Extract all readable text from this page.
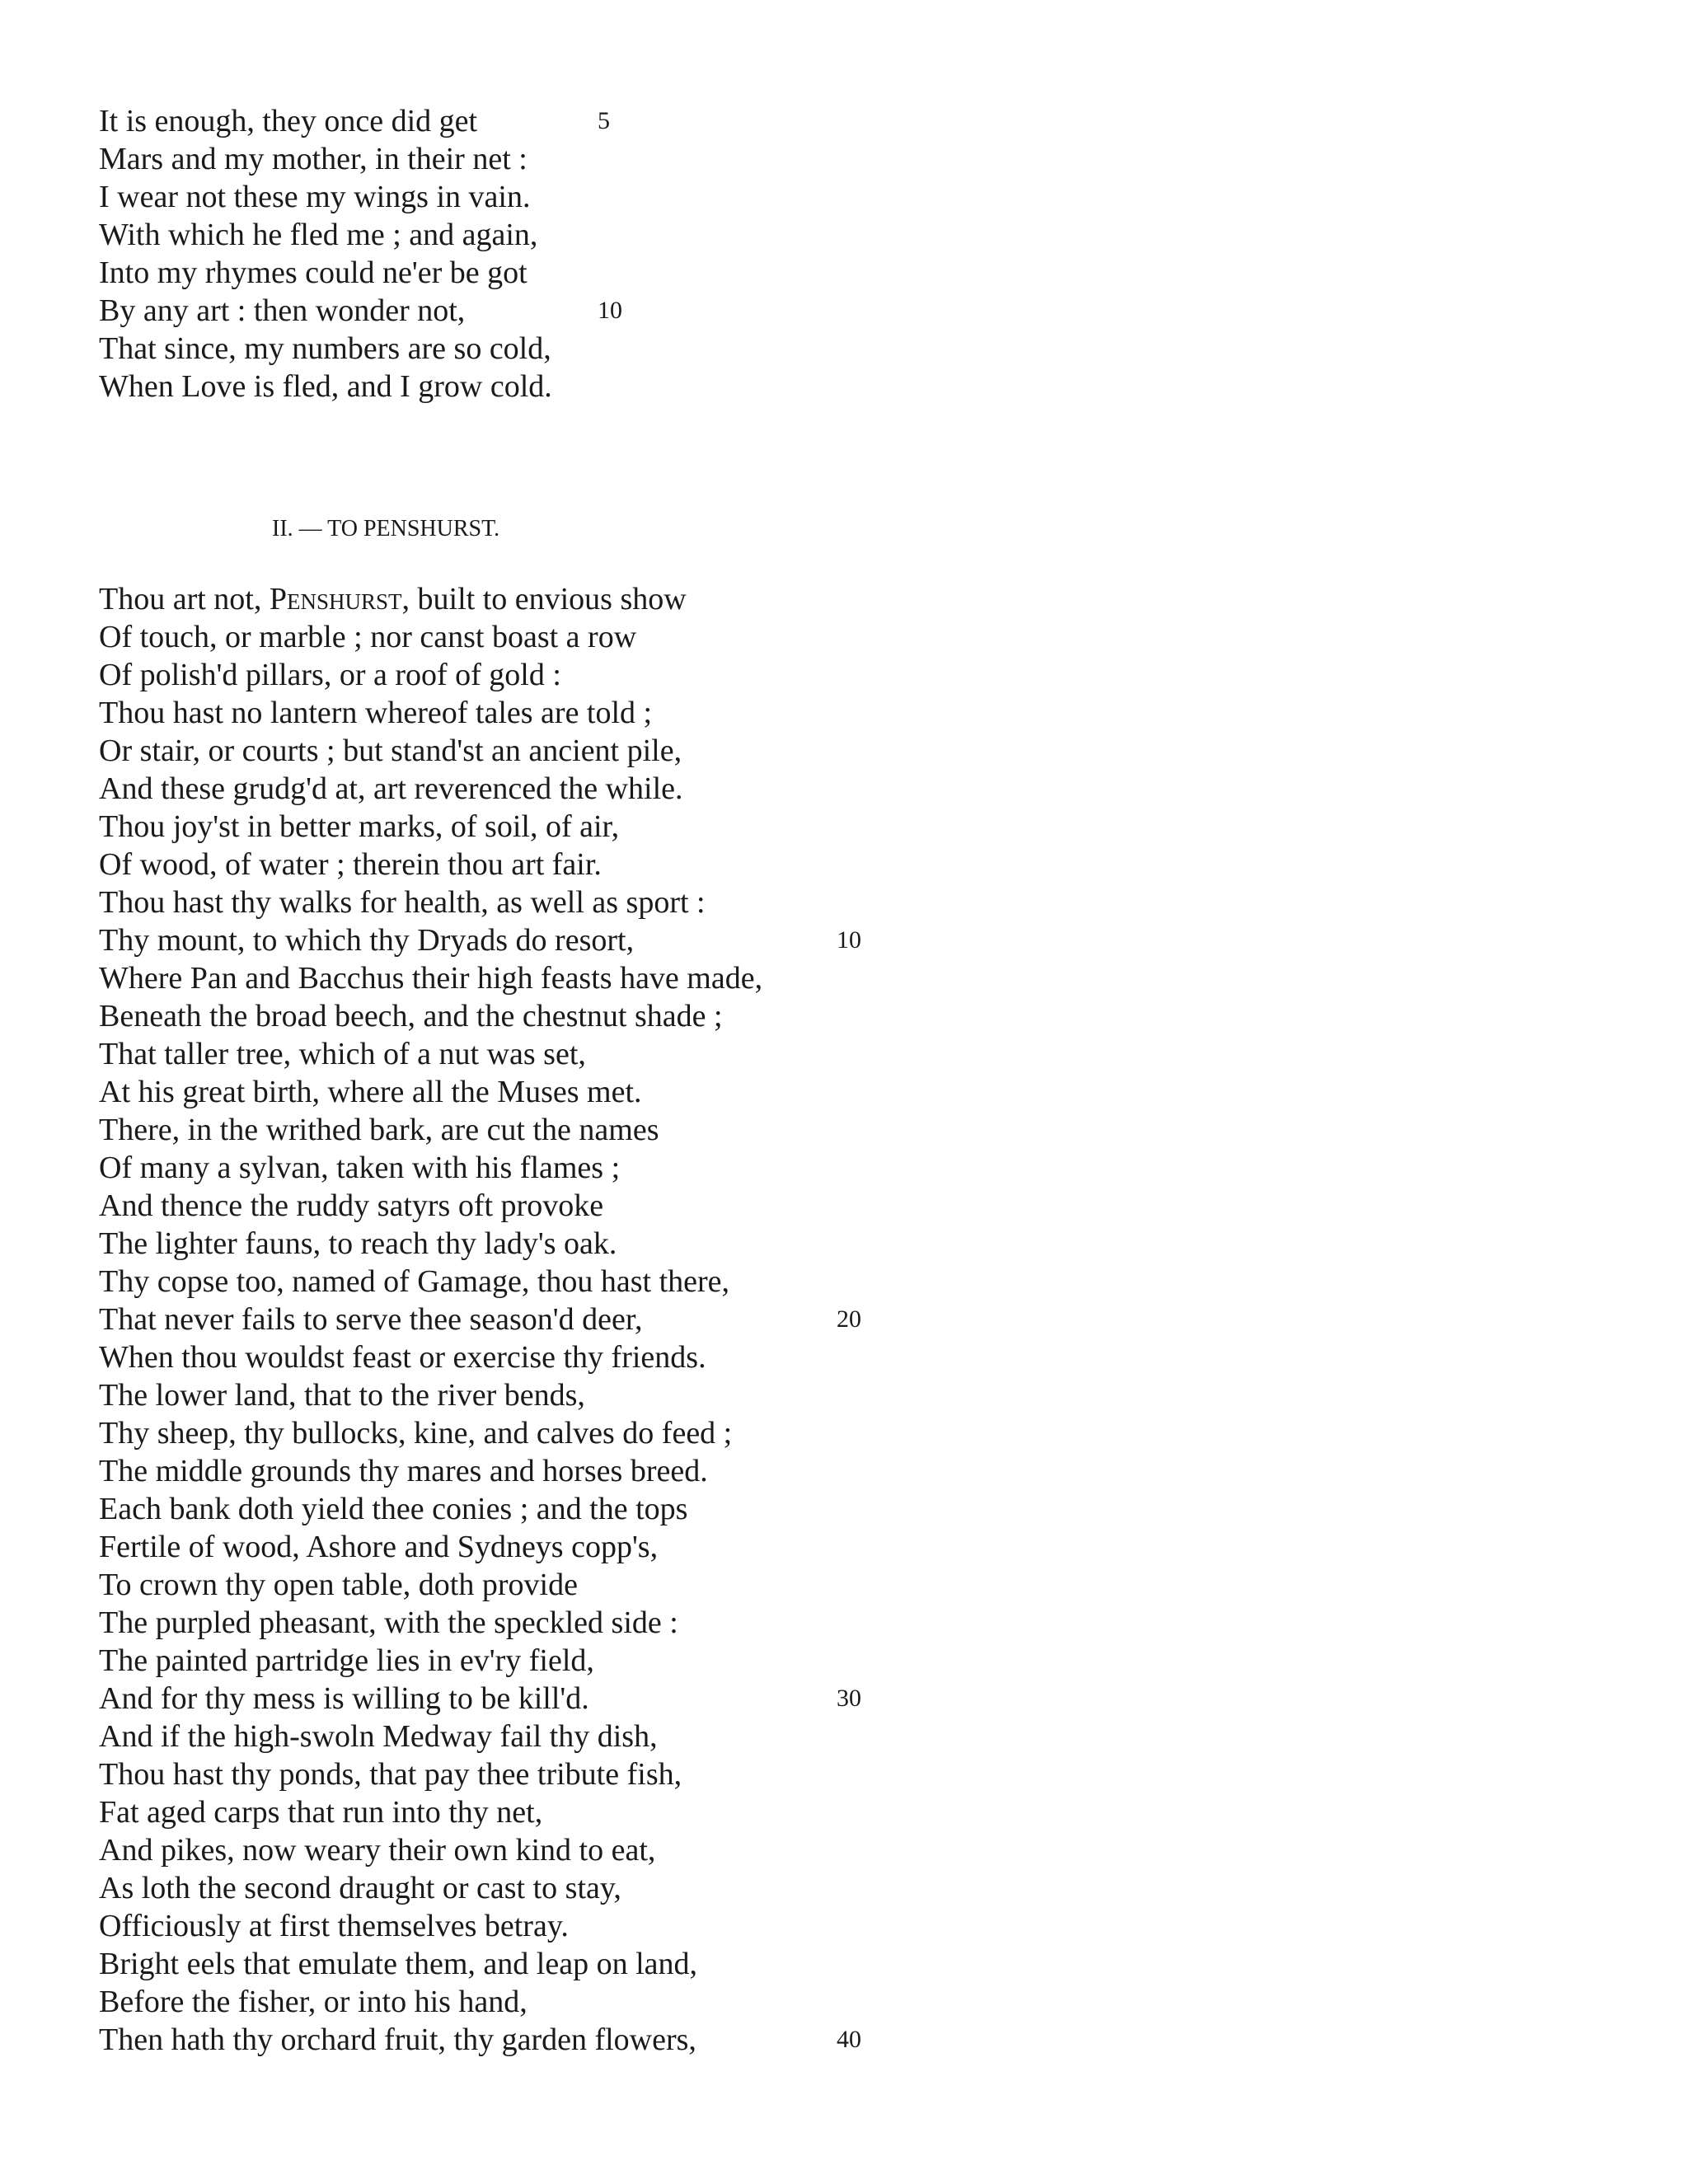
It is enough, they once did get
Mars and my mother, in their net :
I wear not these my wings in vain.
With which he fled me ; and again,
Into my rhymes could ne'er be got
By any art : then wonder not,
That since, my numbers are so cold,
When Love is fled, and I grow cold.
5
10
II. — TO PENSHURST.
Thou art not, Penshurst, built to envious show
Of touch, or marble ; nor canst boast a row
Of polish'd pillars, or a roof of gold :
Thou hast no lantern whereof tales are told ;
Or stair, or courts ; but stand'st an ancient pile,
And these grudg'd at, art reverenced the while.
Thou joy'st in better marks, of soil, of air,
Of wood, of water ; therein thou art fair.
Thou hast thy walks for health, as well as sport :
Thy mount, to which thy Dryads do resort,
Where Pan and Bacchus their high feasts have made,
Beneath the broad beech, and the chestnut shade ;
That taller tree, which of a nut was set,
At his great birth, where all the Muses met.
There, in the writhed bark, are cut the names
Of many a sylvan, taken with his flames ;
And thence the ruddy satyrs oft provoke
The lighter fauns, to reach thy lady's oak.
Thy copse too, named of Gamage, thou hast there,
That never fails to serve thee season'd deer,
When thou wouldst feast or exercise thy friends.
The lower land, that to the river bends,
Thy sheep, thy bullocks, kine, and calves do feed ;
The middle grounds thy mares and horses breed.
Each bank doth yield thee conies ; and the tops
Fertile of wood, Ashore and Sydneys copp's,
To crown thy open table, doth provide
The purpled pheasant, with the speckled side :
The painted partridge lies in ev'ry field,
And for thy mess is willing to be kill'd.
And if the high-swoln Medway fail thy dish,
Thou hast thy ponds, that pay thee tribute fish,
Fat aged carps that run into thy net,
And pikes, now weary their own kind to eat,
As loth the second draught or cast to stay,
Officiously at first themselves betray.
Bright eels that emulate them, and leap on land,
Before the fisher, or into his hand,
Then hath thy orchard fruit, thy garden flowers,
10
20
30
40
